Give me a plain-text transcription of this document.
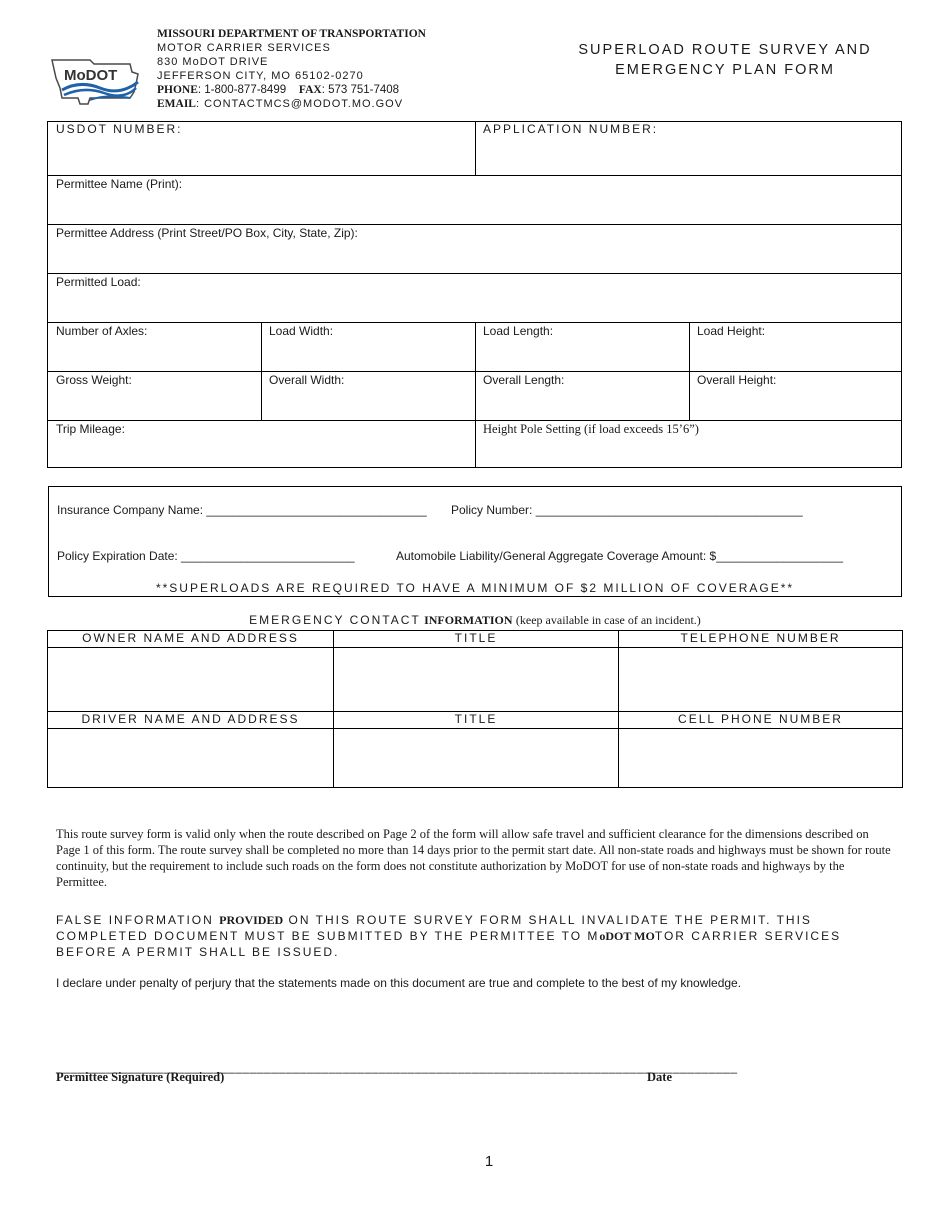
MoDOT
MISSOURI DEPARTMENT OF TRANSPORTATION
MOTOR CARRIER SERVICES
830 MoDOT DRIVE
JEFFERSON CITY, MO 65102-0270
PHONE: 1-800-877-8499 FAX: 573 751-7408
EMAIL: CONTACTMCS@MODOT.MO.GOV
SUPERLOAD ROUTE SURVEY AND
EMERGENCY PLAN FORM
USDOT NUMBER:	APPLICATION NUMBER:
Permittee Name (Print):
Permittee Address (Print Street/PO Box, City, State, Zip):
Permitted Load:
Number of Axles:	Load Width:	Load Length:	Load Height:
Gross Weight:	Overall Width:	Overall Length:	Overall Height:
Trip Mileage:	Height Pole Setting (if load exceeds 15’6”)
Insurance Company Name: _________________________________ Policy Number: ________________________________________
Policy Expiration Date: __________________________	Automobile Liability/General Aggregate Coverage Amount: $___________________
**SUPERLOADS ARE REQUIRED TO HAVE A MINIMUM OF $2 MILLION OF COVERAGE**
EMERGENCY CONTACT INFORMATION (keep available in case of an incident.)
OWNER NAME AND ADDRESS	TITLE	TELEPHONE NUMBER
DRIVER NAME AND ADDRESS	TITLE	CELL PHONE NUMBER
This route survey form is valid only when the route described on Page 2 of the form will allow safe travel and sufficient clearance for the dimensions described on Page 1 of this form. The route survey shall be completed no more than 14 days prior to the permit start date. All non-state roads and highways must be shown for route continuity, but the requirement to include such roads on the form does not constitute authorization by MoDOT for use of non-state roads and highways by the Permittee.
FALSE INFORMATION PROVIDED ON THIS ROUTE SURVEY FORM SHALL INVALIDATE THE PERMIT. THIS COMPLETED DOCUMENT MUST BE SUBMITTED BY THE PERMITTEE TO MoDOT MOTOR CARRIER SERVICES BEFORE A PERMIT SHALL BE ISSUED.
I declare under penalty of perjury that the statements made on this document are true and complete to the best of my knowledge.
_______________________________________________________________________________________________
Permittee Signature (Required)	Date
1
